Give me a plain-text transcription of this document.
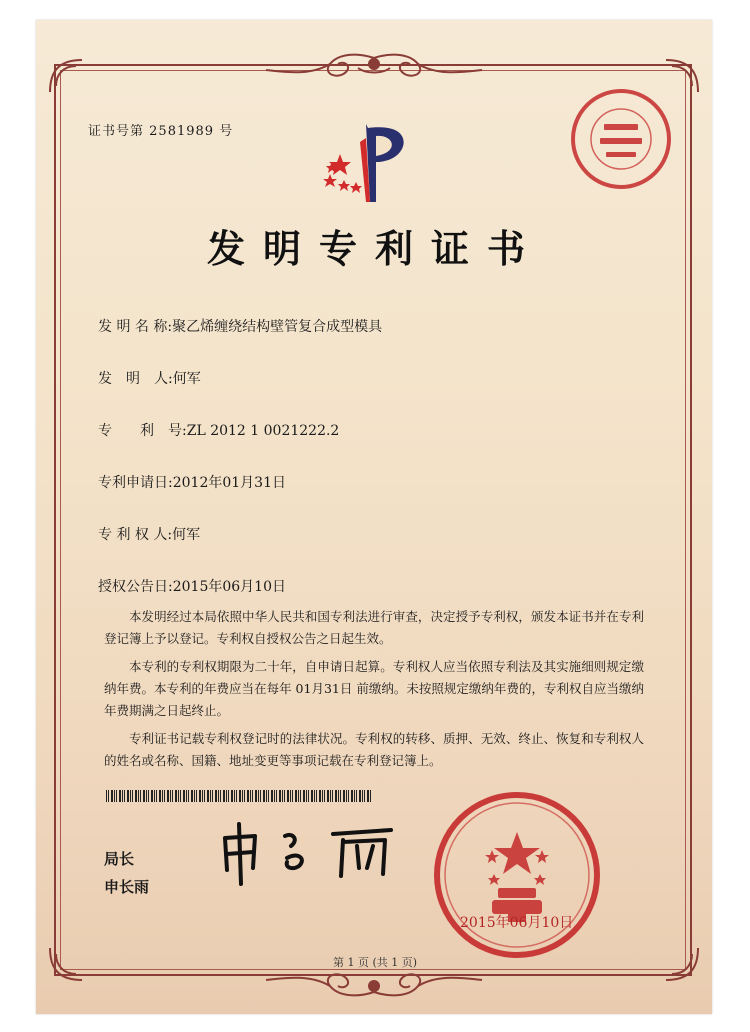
证书号第 2581989 号
发明专利证书
发 明 名 称:聚乙烯缠绕结构壁管复合成型模具
发　明　人:何军
专　　利　号:ZL 2012 1 0021222.2
专利申请日:2012年01月31日
专 利 权 人:何军
授权公告日:2015年06月10日

本发明经过本局依照中华人民共和国专利法进行审查，决定授予专利权，颁发本证书并在专利登记簿上予以登记。专利权自授权公告之日起生效。

本专利的专利权期限为二十年，自申请日起算。专利权人应当依照专利法及其实施细则规定缴纳年费。本专利的年费应当在每年 01月31日 前缴纳。未按照规定缴纳年费的，专利权自应当缴纳年费期满之日起终止。

专利证书记载专利权登记时的法律状况。专利权的转移、质押、无效、终止、恢复和专利权人的姓名或名称、国籍、地址变更等事项记载在专利登记簿上。

局长
申长雨
2015年06月10日
第 1 页 (共 1 页)
